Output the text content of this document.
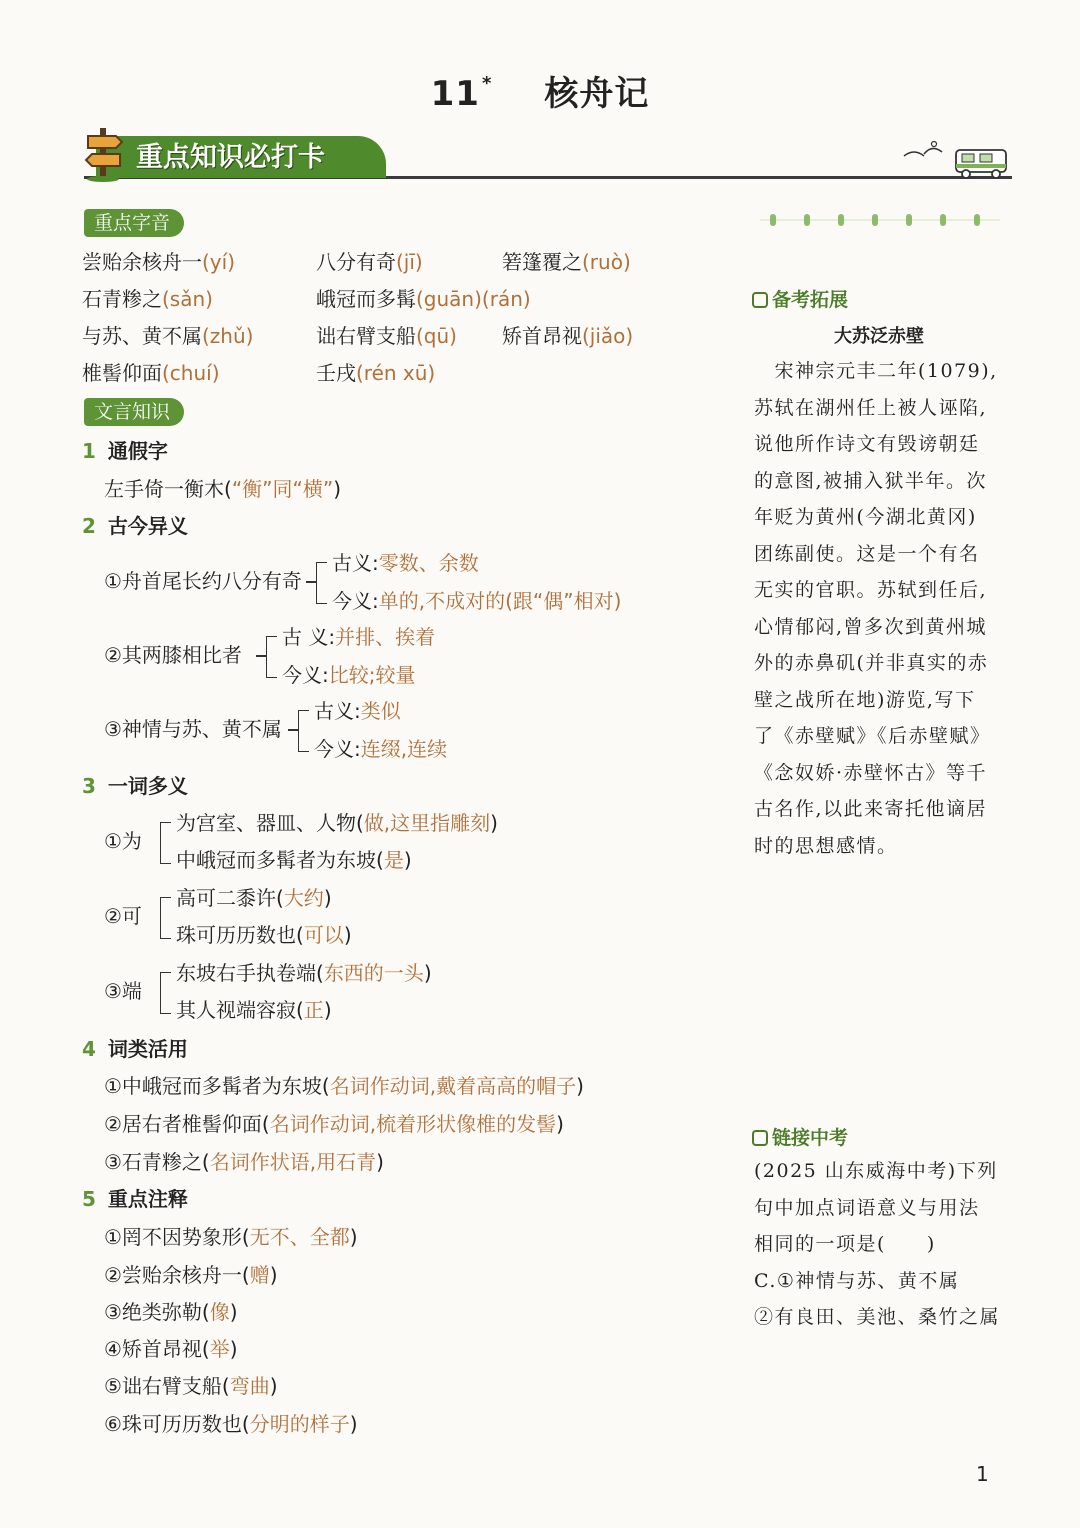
11 * 核舟记
重点知识必打卡
重点字音
尝贻余核舟一(yí)	八分有奇(jī)	箬篷覆之(ruò)
石青糁之(sǎn)	峨冠而多髯(guān)(rán)
与苏、黄不属(zhǔ)	诎右臂支船(qū) 矫首昂视(jiǎo)
椎髻仰面(chuí)	壬戌(rén xū)
文言知识
1 通假字
左手倚一衡木(“衡”同“横”)
2 古今异义
①舟首尾长约八分有奇
古义:零数、余数
今义:单的,不成对的(跟“偶”相对)
②其两膝相比者
古 义:并排、挨着
今义:比较;较量
③神情与苏、黄不属
古义:类似
今义:连缀,连续
3 一词多义
①为
为宫室、器皿、人物(做,这里指雕刻)
中峨冠而多髯者为东坡(是)
②可
高可二黍许(大约)
珠可历历数也(可以)
③端
东坡右手执卷端(东西的一头)
其人视端容寂(正)
4 词类活用
①中峨冠而多髯者为东坡(名词作动词,戴着高高的帽子)
②居右者椎髻仰面(名词作动词,梳着形状像椎的发髻)
③石青糁之(名词作状语,用石青)
5 重点注释
①罔不因势象形(无不、全都)
②尝贻余核舟一(赠)
③绝类弥勒(像)
④矫首昂视(举)
⑤诎右臂支船(弯曲)
⑥珠可历历数也(分明的样子)
备考拓展
大苏泛赤壁
　宋神宗元丰二年(1079),
苏轼在湖州任上被人诬陷,
说他所作诗文有毁谤朝廷
的意图,被捕入狱半年。次
年贬为黄州(今湖北黄冈)
团练副使。这是一个有名
无实的官职。苏轼到任后,
心情郁闷,曾多次到黄州城
外的赤鼻矶(并非真实的赤
壁之战所在地)游览,写下
了《赤壁赋》《后赤壁赋》
《念奴娇·赤壁怀古》等千
古名作,以此来寄托他谪居
时的思想感情。
链接中考
(2025 山东威海中考)下列
句中加点词语意义与用法
相同的一项是(　　)
C.①神情与苏、黄不属
②有良田、美池、桑竹之属
1
